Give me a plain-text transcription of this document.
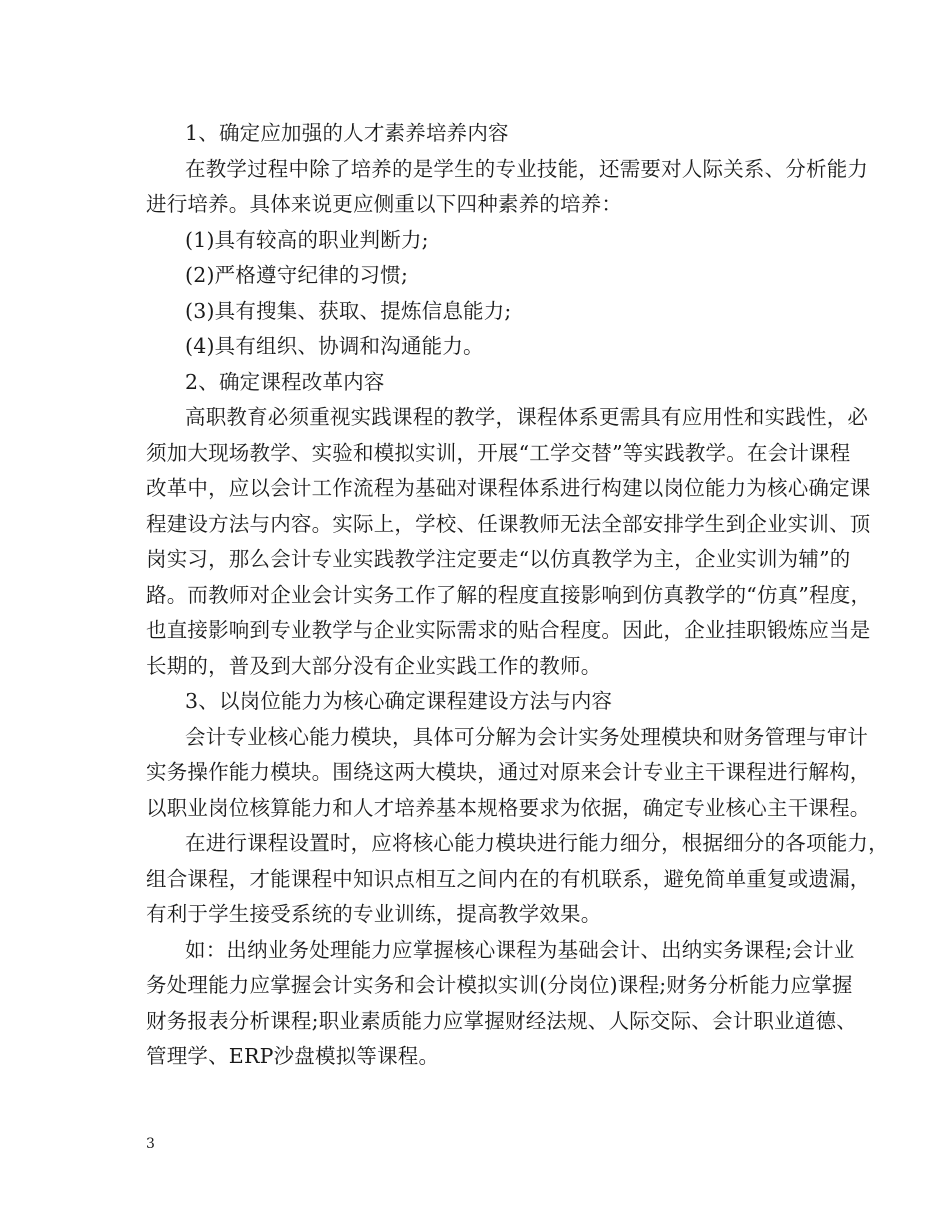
1、确定应加强的人才素养培养内容
在教学过程中除了培养的是学生的专业技能，还需要对人际关系、分析能力
进行培养。具体来说更应侧重以下四种素养的培养：
(1)具有较高的职业判断力;
(2)严格遵守纪律的习惯;
(3)具有搜集、获取、提炼信息能力;
(4)具有组织、协调和沟通能力。
2、确定课程改革内容
高职教育必须重视实践课程的教学，课程体系更需具有应用性和实践性，必
须加大现场教学、实验和模拟实训，开展“工学交替”等实践教学。在会计课程
改革中，应以会计工作流程为基础对课程体系进行构建以岗位能力为核心确定课
程建设方法与内容。实际上，学校、任课教师无法全部安排学生到企业实训、顶
岗实习，那么会计专业实践教学注定要走“以仿真教学为主，企业实训为辅”的
路。而教师对企业会计实务工作了解的程度直接影响到仿真教学的“仿真”程度，
也直接影响到专业教学与企业实际需求的贴合程度。因此，企业挂职锻炼应当是
长期的，普及到大部分没有企业实践工作的教师。
3、以岗位能力为核心确定课程建设方法与内容
会计专业核心能力模块，具体可分解为会计实务处理模块和财务管理与审计
实务操作能力模块。围绕这两大模块，通过对原来会计专业主干课程进行解构，
以职业岗位核算能力和人才培养基本规格要求为依据，确定专业核心主干课程。
在进行课程设置时，应将核心能力模块进行能力细分，根据细分的各项能力，
组合课程，才能课程中知识点相互之间内在的有机联系，避免简单重复或遗漏，
有利于学生接受系统的专业训练，提高教学效果。
如：出纳业务处理能力应掌握核心课程为基础会计、出纳实务课程;会计业
务处理能力应掌握会计实务和会计模拟实训(分岗位)课程;财务分析能力应掌握
财务报表分析课程;职业素质能力应掌握财经法规、人际交际、会计职业道德、
管理学、ERP沙盘模拟等课程。
3
